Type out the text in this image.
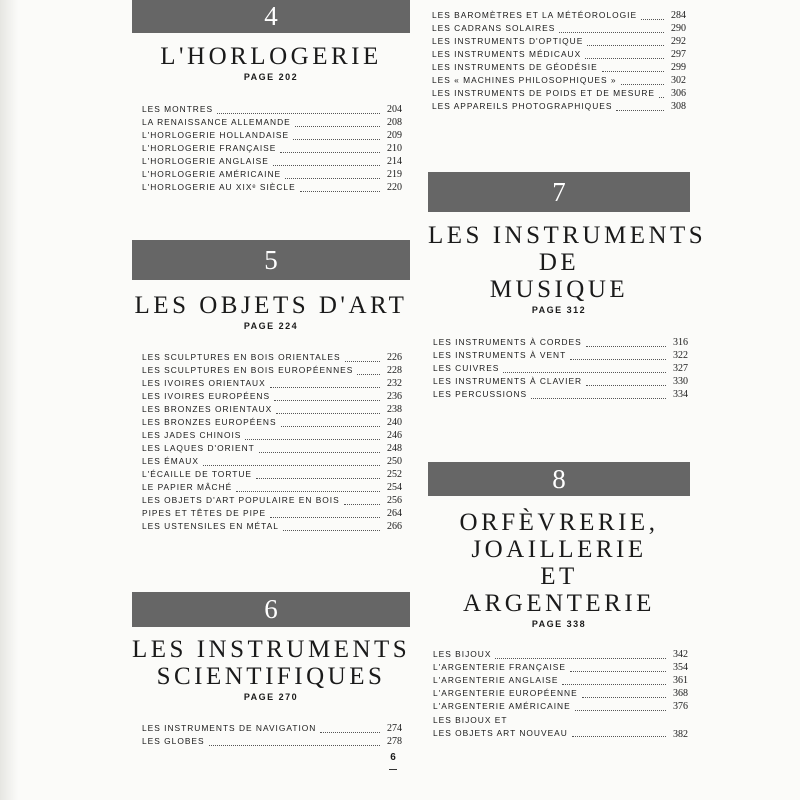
4
L'HORLOGERIE
PAGE 202
LES MONTRES	204
LA RENAISSANCE ALLEMANDE	208
L'HORLOGERIE HOLLANDAISE	209
L'HORLOGERIE FRANÇAISE	210
L'HORLOGERIE ANGLAISE	214
L'HORLOGERIE AMÉRICAINE	219
L'HORLOGERIE AU XIXᵉ SIÈCLE	220
5
LES OBJETS D'ART
PAGE 224
LES SCULPTURES EN BOIS ORIENTALES	226
LES SCULPTURES EN BOIS EUROPÉENNES	228
LES IVOIRES ORIENTAUX	232
LES IVOIRES EUROPÉENS	236
LES BRONZES ORIENTAUX	238
LES BRONZES EUROPÉENS	240
LES JADES CHINOIS	246
LES LAQUES D'ORIENT	248
LES ÉMAUX	250
L'ÉCAILLE DE TORTUE	252
LE PAPIER MÂCHÉ	254
LES OBJETS D'ART POPULAIRE EN BOIS	256
PIPES ET TÊTES DE PIPE	264
LES USTENSILES EN MÉTAL	266
6
LES INSTRUMENTS
SCIENTIFIQUES
PAGE 270
LES INSTRUMENTS DE NAVIGATION	274
LES GLOBES	278
LES BAROMÈTRES ET LA MÉTÉOROLOGIE	284
LES CADRANS SOLAIRES	290
LES INSTRUMENTS D'OPTIQUE	292
LES INSTRUMENTS MÉDICAUX	297
LES INSTRUMENTS DE GÉODÉSIE	299
LES « MACHINES PHILOSOPHIQUES »	302
LES INSTRUMENTS DE POIDS ET DE MESURE	306
LES APPAREILS PHOTOGRAPHIQUES	308
7
LES INSTRUMENTS
DE
MUSIQUE
PAGE 312
LES INSTRUMENTS À CORDES	316
LES INSTRUMENTS À VENT	322
LES CUIVRES	327
LES INSTRUMENTS À CLAVIER	330
LES PERCUSSIONS	334
8
ORFÈVRERIE,
JOAILLERIE
ET
ARGENTERIE
PAGE 338
LES BIJOUX	342
L'ARGENTERIE FRANÇAISE	354
L'ARGENTERIE ANGLAISE	361
L'ARGENTERIE EUROPÉENNE	368
L'ARGENTERIE AMÉRICAINE	376
LES BIJOUX ET
LES OBJETS ART NOUVEAU	382
6
